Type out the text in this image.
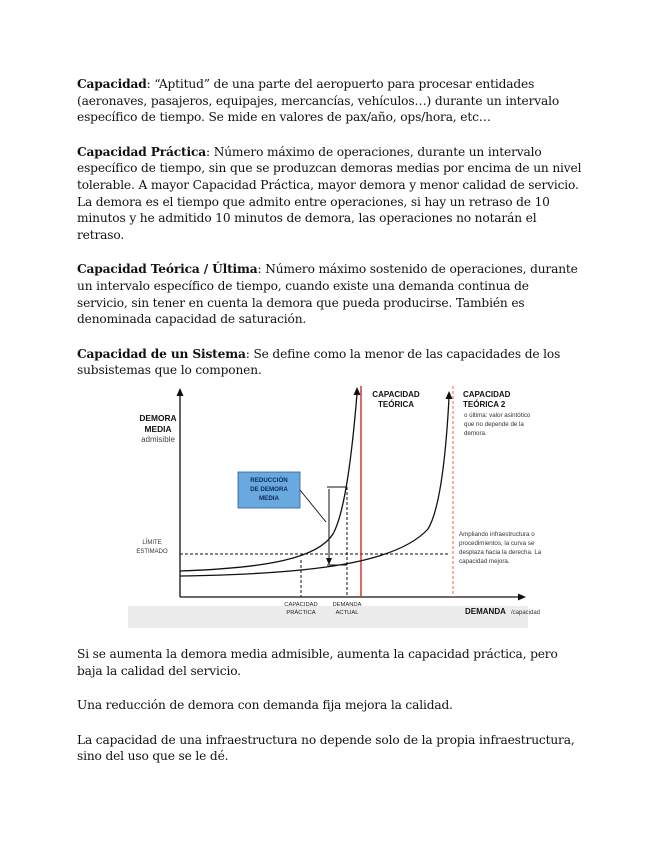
Capacidad: “Aptitud” de una parte del aeropuerto para procesar entidades (aeronaves, pasajeros, equipajes, mercancías, vehículos…) durante un intervalo específico de tiempo. Se mide en valores de pax/año, ops/hora, etc…

Capacidad Práctica: Número máximo de operaciones, durante un intervalo específico de tiempo, sin que se produzcan demoras medias por encima de un nivel tolerable. A mayor Capacidad Práctica, mayor demora y menor calidad de servicio. La demora es el tiempo que admito entre operaciones, si hay un retraso de 10 minutos y he admitido 10 minutos de demora, las operaciones no notarán el retraso.

Capacidad Teórica / Última: Número máximo sostenido de operaciones, durante un intervalo específico de tiempo, cuando existe una demanda continua de servicio, sin tener en cuenta la demora que pueda producirse. También es denominada capacidad de saturación.

Capacidad de un Sistema: Se define como la menor de las capacidades de los subsistemas que lo componen.

DEMORA
MEDIA
admisible
LÍMITE
ESTIMADO
REDUCCIÓN
DE DEMORA
MEDIA
CAPACIDAD
TEÓRICA
CAPACIDAD
TEÓRICA 2
o última: valor asintótico
que no depende de la
demora.
Ampliando infraestructura o
procedimientos, la curva se
desplaza hacia la derecha. La
capacidad mejora.
CAPACIDAD
PRÁCTICA
DEMANDA
ACTUAL	DEMANDA /capacidad

Si se aumenta la demora media admisible, aumenta la capacidad práctica, pero baja la calidad del servicio.

Una reducción de demora con demanda fija mejora la calidad.

La capacidad de una infraestructura no depende solo de la propia infraestructura, sino del uso que se le dé.
